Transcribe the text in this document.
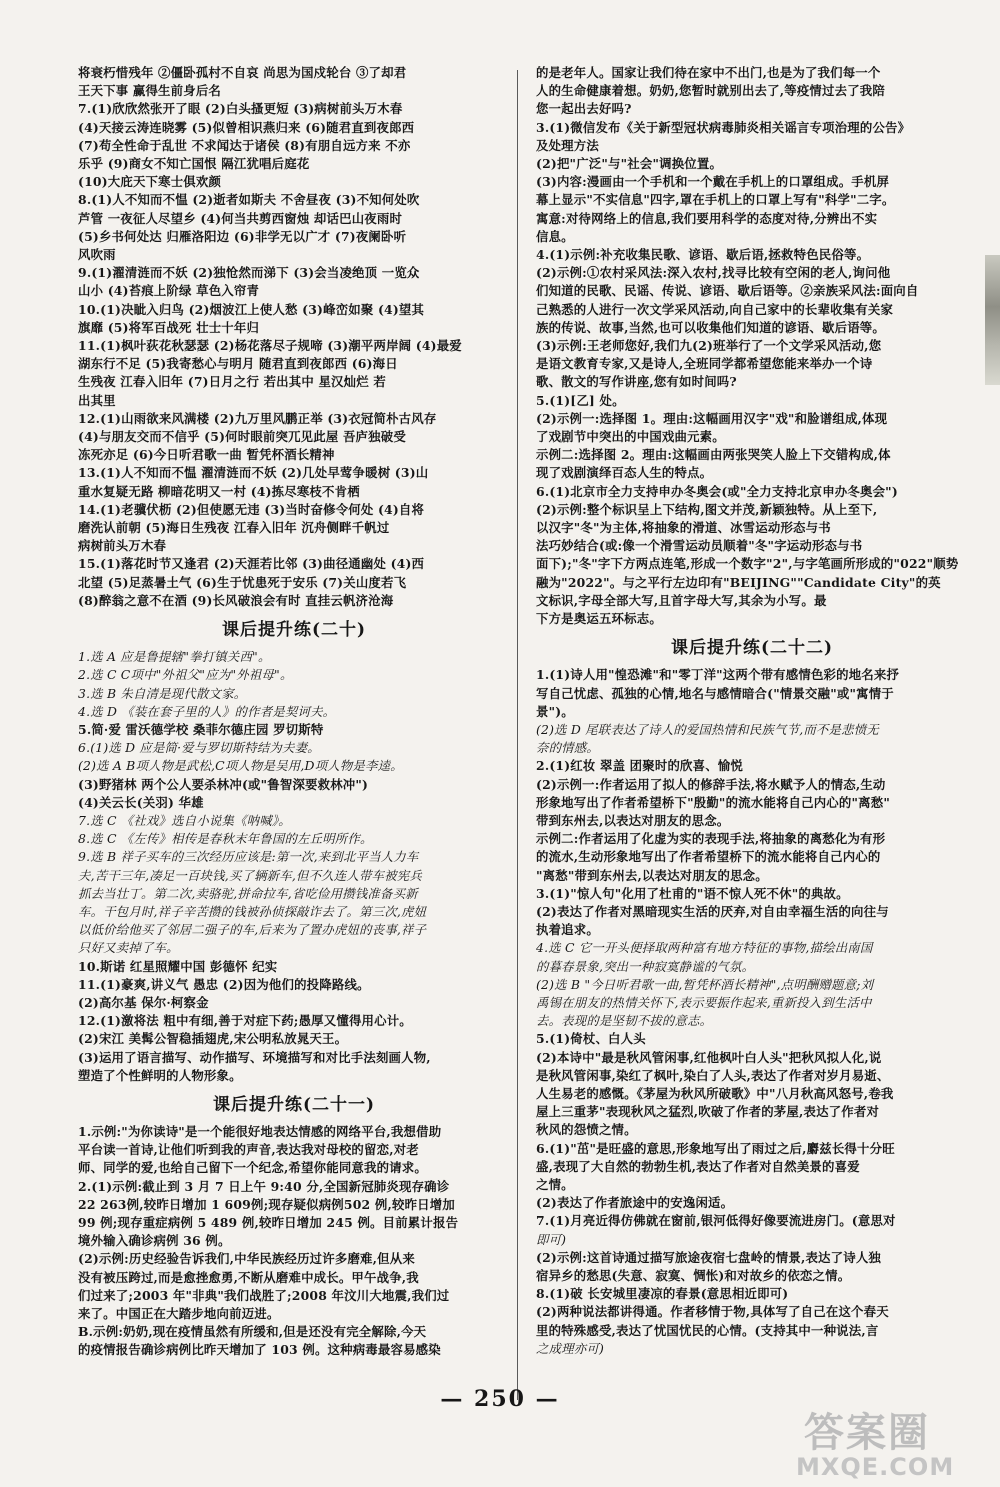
将衰朽惜残年 ②僵卧孤村不自哀 尚思为国戍轮台 ③了却君
王天下事 赢得生前身后名
7.(1)欣欣然张开了眼 (2)白头搔更短 (3)病树前头万木春
(4)天接云涛连晓雾 (5)似曾相识燕归来 (6)随君直到夜郎西
(7)苟全性命于乱世 不求闻达于诸侯 (8)有朋自远方来 不亦
乐乎 (9)商女不知亡国恨 隔江犹唱后庭花
(10)大庇天下寒士俱欢颜
8.(1)人不知而不愠 (2)逝者如斯夫 不舍昼夜 (3)不知何处吹
芦管 一夜征人尽望乡 (4)何当共剪西窗烛 却话巴山夜雨时
(5)乡书何处达 归雁洛阳边 (6)非学无以广才 (7)夜阑卧听
风吹雨
9.(1)濯清涟而不妖 (2)独怆然而涕下 (3)会当凌绝顶 一览众
山小 (4)苔痕上阶绿 草色入帘青
10.(1)决眦入归鸟 (2)烟波江上使人愁 (3)峰峦如聚 (4)望其
旗靡 (5)将军百战死 壮士十年归
11.(1)枫叶荻花秋瑟瑟 (2)杨花落尽子规啼 (3)潮平两岸阔 (4)最爱
湖东行不足 (5)我寄愁心与明月 随君直到夜郎西 (6)海日
生残夜 江春入旧年 (7)日月之行 若出其中 星汉灿烂 若
出其里
12.(1)山雨欲来风满楼 (2)九万里风鹏正举 (3)衣冠简朴古风存
(4)与朋友交而不信乎 (5)何时眼前突兀见此屋 吾庐独破受
冻死亦足 (6)今日听君歌一曲 暂凭杯酒长精神
13.(1)人不知而不愠 濯清涟而不妖 (2)几处早莺争暖树 (3)山
重水复疑无路 柳暗花明又一村 (4)拣尽寒枝不肯栖
14.(1)老骥伏枥 (2)但使愿无违 (3)当时奋修令何处 (4)自将
磨洗认前朝 (5)海日生残夜 江春入旧年 沉舟侧畔千帆过
病树前头万木春
15.(1)落花时节又逢君 (2)天涯若比邻 (3)曲径通幽处 (4)西
北望 (5)足蒸暑土气 (6)生于忧患死于安乐 (7)关山度若飞
(8)醉翁之意不在酒 (9)长风破浪会有时 直挂云帆济沧海
课后提升练(二十)
1.选 A 应是鲁提辖"拳打镇关西"。
2.选 C C项中"外祖父"应为"外祖母"。
3.选 B 朱自清是现代散文家。
4.选 D 《装在套子里的人》的作者是契诃夫。
5.简·爱 雷沃德学校 桑菲尔德庄园 罗切斯特
6.(1)选 D 应是简·爱与罗切斯特结为夫妻。
(2)选 A B项人物是武松,C项人物是吴用,D项人物是李逵。
(3)野猪林 两个公人要杀林冲(或"鲁智深要救林冲")
(4)关云长(关羽) 华雄
7.选 C 《社戏》选自小说集《呐喊》。
8.选 C 《左传》相传是春秋末年鲁国的左丘明所作。
9.选 B 祥子买车的三次经历应该是:第一次,来到北平当人力车
夫,苦干三年,凑足一百块钱,买了辆新车,但不久连人带车被宪兵
抓去当壮丁。第二次,卖骆驼,拼命拉车,省吃俭用攒钱准备买新
车。干包月时,祥子辛苦攒的钱被孙侦探敲诈去了。第三次,虎妞
以低价给他买了邻居二强子的车,后来为了置办虎妞的丧事,祥子
只好又卖掉了车。
10.斯诺 红星照耀中国 彭德怀 纪实
11.(1)豪爽,讲义气 愚忠 (2)因为他们的投降路线。
(2)高尔基 保尔·柯察金
12.(1)激将法 粗中有细,善于对症下药;愚厚又懂得用心计。
(2)宋江 美髯公智稳插翅虎,宋公明私放晁天王。
(3)运用了语言描写、动作描写、环境描写和对比手法刻画人物,
塑造了个性鲜明的人物形象。
课后提升练(二十一)
1.示例:"为你读诗"是一个能很好地表达情感的网络平台,我想借助
平台读一首诗,让他们听到我的声音,表达我对母校的留恋,对老
师、同学的爱,也给自己留下一个纪念,希望你能同意我的请求。
2.(1)示例:截止到 3 月 7 日上午 9:40 分,全国新冠肺炎现存确诊
22 263例,较昨日增加 1 609例;现存疑似病例502 例,较昨日增加
99 例;现存重症病例 5 489 例,较昨日增加 245 例。目前累计报告
境外输入确诊病例 36 例。
(2)示例:历史经验告诉我们,中华民族经历过许多磨难,但从来
没有被压跨过,而是愈挫愈勇,不断从磨难中成长。甲午战争,我
们过来了;2003 年"非典"我们战胜了;2008 年汶川大地震,我们过
来了。中国正在大踏步地向前迈进。
B.示例:奶奶,现在疫情虽然有所缓和,但是还没有完全解除,今天
的疫情报告确诊病例比昨天增加了 103 例。这种病毒最容易感染
的是老年人。国家让我们待在家中不出门,也是为了我们每一个
人的生命健康着想。奶奶,您暂时就别出去了,等疫情过去了我陪
您一起出去好吗?
3.(1)微信发布《关于新型冠状病毒肺炎相关谣言专项治理的公告》
及处理方法
(2)把"广泛"与"社会"调换位置。
(3)内容:漫画由一个手机和一个戴在手机上的口罩组成。手机屏
幕上显示"不实信息"四字,罩在手机上的口罩上写有"科学"二字。
寓意:对待网络上的信息,我们要用科学的态度对待,分辨出不实
信息。
4.(1)示例:补充收集民歌、谚语、歇后语,拯救特色民俗等。
(2)示例:①农村采风法:深入农村,找寻比较有空闲的老人,询问他
们知道的民歌、民谣、传说、谚语、歇后语等。②亲族采风法:面向自
己熟悉的人进行一次文学采风活动,向自己家中的长辈收集有关家
族的传说、故事,当然,也可以收集他们知道的谚语、歇后语等。
(3)示例:王老师您好,我们九(2)班举行了一个文学采风活动,您
是语文教育专家,又是诗人,全班同学都希望您能来举办一个诗
歌、散文的写作讲座,您有如时间吗?
5.(1)[乙] 处。
(2)示例一:选择图 1。理由:这幅画用汉字"戏"和脸谱组成,体现
了戏剧节中突出的中国戏曲元素。
示例二:选择图 2。理由:这幅画由两张哭笑人脸上下交错构成,体
现了戏剧演绎百态人生的特点。
6.(1)北京市全力支持申办冬奥会(或"全力支持北京申办冬奥会")
(2)示例:整个标识呈上下结构,图文并茂,新颖独特。从上至下,
以汉字"冬"为主体,将抽象的滑道、冰雪运动形态与书
法巧妙结合(或:像一个滑雪运动员顺着"冬"字运动形态与书
面下);"冬"字下方两点连笔,形成一个数字"2",与字笔画所形成的"022"顺势
融为"2022"。与之平行左边印有"BEIJING""Candidate City"的英
文标识,字母全部大写,且首字母大写,其余为小写。最
下方是奥运五环标志。
课后提升练(二十二)
1.(1)诗人用"惶恐滩"和"零丁洋"这两个带有感情色彩的地名来抒
写自己忧虑、孤独的心情,地名与感情暗合("情景交融"或"寓情于
景")。
(2)选 D 尾联表达了诗人的爱国热情和民族气节,而不是悲愤无
奈的情感。
2.(1)红妆 翠盖 团聚时的欣喜、愉悦
(2)示例一:作者运用了拟人的修辞手法,将水赋予人的情态,生动
形象地写出了作者希望桥下"殷勤"的流水能将自己内心的"离愁"
带到东州去,以表达对朋友的思念。
示例二:作者运用了化虚为实的表现手法,将抽象的离愁化为有形
的流水,生动形象地写出了作者希望桥下的流水能将自己内心的
"离愁"带到东州去,以表达对朋友的思念。
3.(1)"惊人句"化用了杜甫的"语不惊人死不休"的典故。
(2)表达了作者对黑暗现实生活的厌弃,对自由幸福生活的向往与
执着追求。
4.选 C 它一开头便择取两种富有地方特征的事物,描绘出南国
的暮春景象,突出一种寂寞静谧的气氛。
(2)选 B "今日听君歌一曲,暂凭杯酒长精神",点明酬赠题意;刘
禹锡在朋友的热情关怀下,表示要振作起来,重新投入到生活中
去。表现的是坚韧不拔的意志。
5.(1)倚杖、白人头
(2)本诗中"最是秋风管闲事,红他枫叶白人头"把秋风拟人化,说
是秋风管闲事,染红了枫叶,染白了人头,表达了作者对岁月易逝、
人生易老的感慨。《茅屋为秋风所破歌》中"八月秋高风怒号,卷我
屋上三重茅"表现秋风之猛烈,吹破了作者的茅屋,表达了作者对
秋风的怨愤之情。
6.(1)"茁"是旺盛的意思,形象地写出了雨过之后,麝兹长得十分旺
盛,表现了大自然的勃勃生机,表达了作者对自然美景的喜爱
之情。
(2)表达了作者旅途中的安逸闲适。
7.(1)月亮近得仿佛就在窗前,银河低得好像要流进房门。(意思对
即可)
(2)示例:这首诗通过描写旅途夜宿七盘岭的情景,表达了诗人独
宿异乡的愁思(失意、寂寞、惆怅)和对故乡的依恋之情。
8.(1)破 长安城里凄凉的春景(意思相近即可)
(2)两种说法都讲得通。作者移情于物,具体写了自己在这个春天
里的特殊感受,表达了忧国忧民的心情。(支持其中一种说法,言
之成理亦可)
— 250 —
答案圈
MXQE.COM
